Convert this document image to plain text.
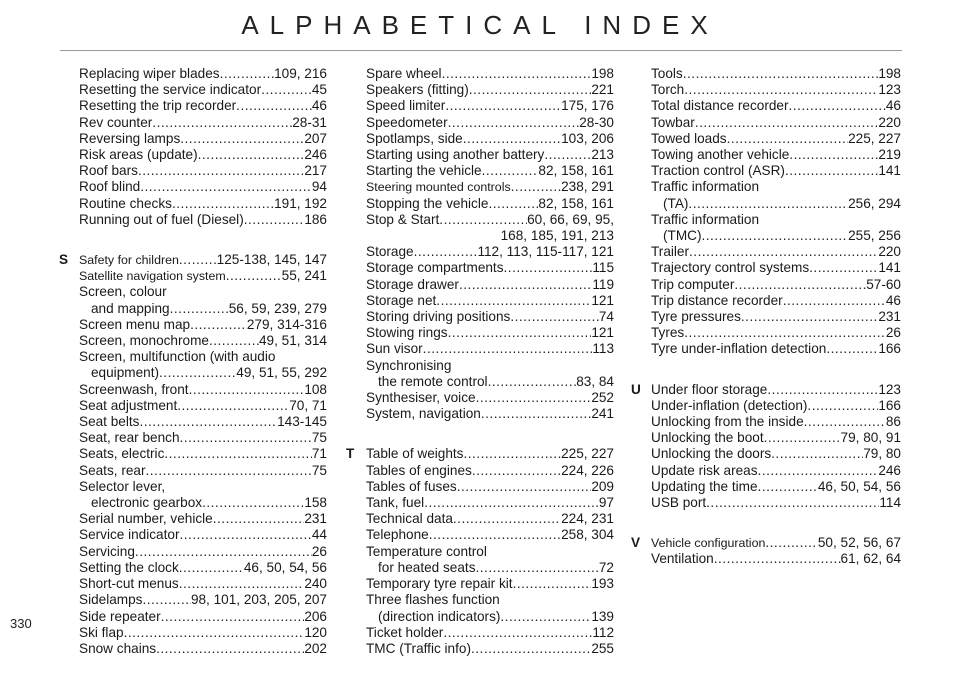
ALPHABETICAL INDEX
Replacing wiper blades .....	109, 216
Resetting the service indicator .....	45
Resetting the trip recorder .....	46
Rev counter .....	28-31
Reversing lamps .....	207
Risk areas (update) .....	246
Roof bars .....	217
Roof blind .....	94
Routine checks .....	191, 192
Running out of fuel (Diesel) .....	186
S Safety for children .....	125-138, 145, 147
Satellite navigation system .....	55, 241
Screen, colour
and mapping .....	56, 59, 239, 279
Screen menu map .....	279, 314-316
Screen, monochrome .....	49, 51, 314
Screen, multifunction (with audio
equipment) .....	49, 51, 55, 292
Screenwash, front .....	108
Seat adjustment .....	70, 71
Seat belts .....	143-145
Seat, rear bench .....	75
Seats, electric .....	71
Seats, rear .....	75
Selector lever,
electronic gearbox .....	158
Serial number, vehicle .....	231
Service indicator .....	44
Servicing .....	26
Setting the clock .....	46, 50, 54, 56
Short-cut menus .....	240
Sidelamps .....	98, 101, 203, 205, 207
Side repeater .....	206
Ski flap .....	120
Snow chains .....	202
Spare wheel .....	198
Speakers (fitting) .....	221
Speed limiter .....	175, 176
Speedometer .....	28-30
Spotlamps, side .....	103, 206
Starting using another battery .....	213
Starting the vehicle .....	82, 158, 161
Steering mounted controls .....	238, 291
Stopping the vehicle .....	82, 158, 161
Stop & Start .....	60, 66, 69, 95,
168, 185, 191, 213
Storage .....	112, 113, 115-117, 121
Storage compartments .....	115
Storage drawer .....	119
Storage net .....	121
Storing driving positions .....	74
Stowing rings .....	121
Sun visor .....	113
Synchronising
the remote control .....	83, 84
Synthesiser, voice .....	252
System, navigation .....	241
T Table of weights .....	225, 227
Tables of engines .....	224, 226
Tables of fuses .....	209
Tank, fuel .....	97
Technical data .....	224, 231
Telephone .....	258, 304
Temperature control
for heated seats .....	72
Temporary tyre repair kit .....	193
Three flashes function
(direction indicators) .....	139
Ticket holder .....	112
TMC (Traffic info) .....	255
Tools .....	198
Torch .....	123
Total distance recorder .....	46
Towbar .....	220
Towed loads .....	225, 227
Towing another vehicle .....	219
Traction control (ASR) .....	141
Traffic information
(TA) .....	256, 294
Traffic information
(TMC) .....	255, 256
Trailer .....	220
Trajectory control systems .....	141
Trip computer .....	57-60
Trip distance recorder .....	46
Tyre pressures .....	231
Tyres .....	26
Tyre under-inflation detection .....	166
U Under floor storage .....	123
Under-inflation (detection) .....	166
Unlocking from the inside .....	86
Unlocking the boot .....	79, 80, 91
Unlocking the doors .....	79, 80
Update risk areas .....	246
Updating the time .....	46, 50, 54, 56
USB port .....	114
V Vehicle configuration .....	50, 52, 56, 67
Ventilation .....	61, 62, 64
330
